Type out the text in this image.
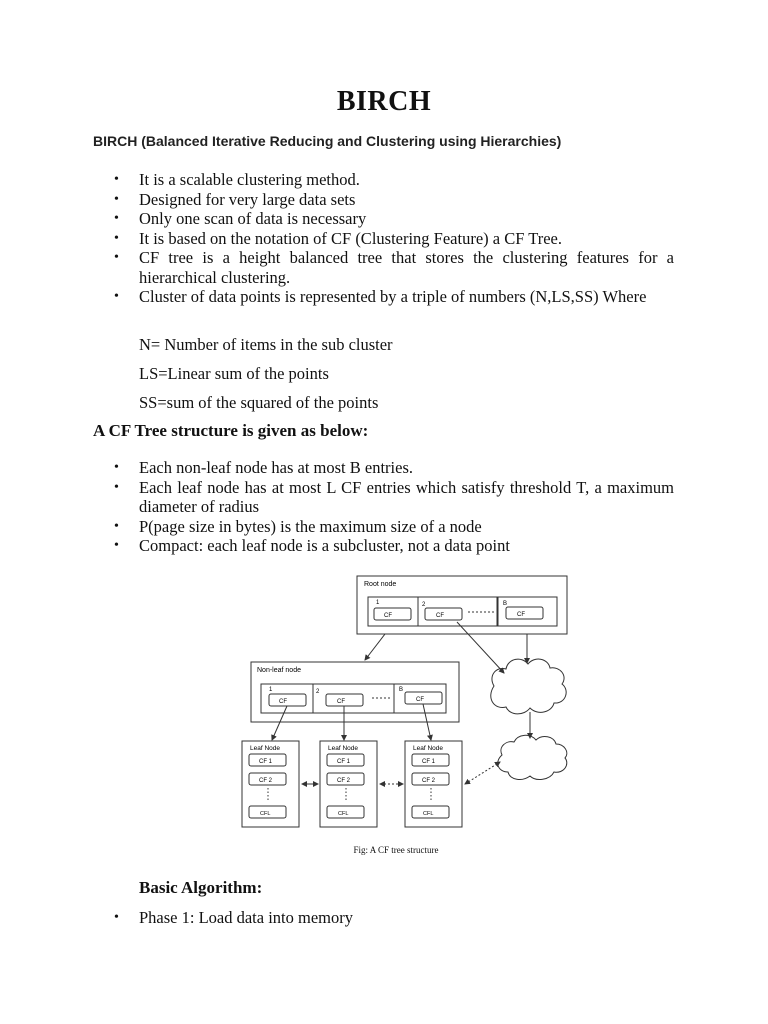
BIRCH

BIRCH (Balanced Iterative Reducing and Clustering using Hierarchies)

• It is a scalable clustering method.
• Designed for very large data sets
• Only one scan of data is necessary
• It is based on the notation of CF (Clustering Feature) a CF Tree.
• CF tree is a height balanced tree that stores the clustering features for a hierarchical clustering.
• Cluster of data points is represented by a triple of numbers (N,LS,SS) Where

N= Number of items in the sub cluster

LS=Linear sum of the points

SS=sum of the squared of the points

A CF Tree structure is given as below:
• Each non-leaf node has at most B entries.
• Each leaf node has at most L CF entries which satisfy threshold T, a maximum diameter of radius
• P(page size in bytes) is the maximum size of a node
• Compact: each leaf node is a subcluster, not a data point
Root node
1	2	B
CF	CF	CF
Non-leaf node
1	2	B
CF	CF	CF
Leaf Node
CF 1
CF 2
CFL
Leaf Node
CF 1
CF 2
CFL
Leaf Node
CF 1
CF 2
CFL

Fig: A CF tree structure

Basic Algorithm:
• Phase 1: Load data into memory
